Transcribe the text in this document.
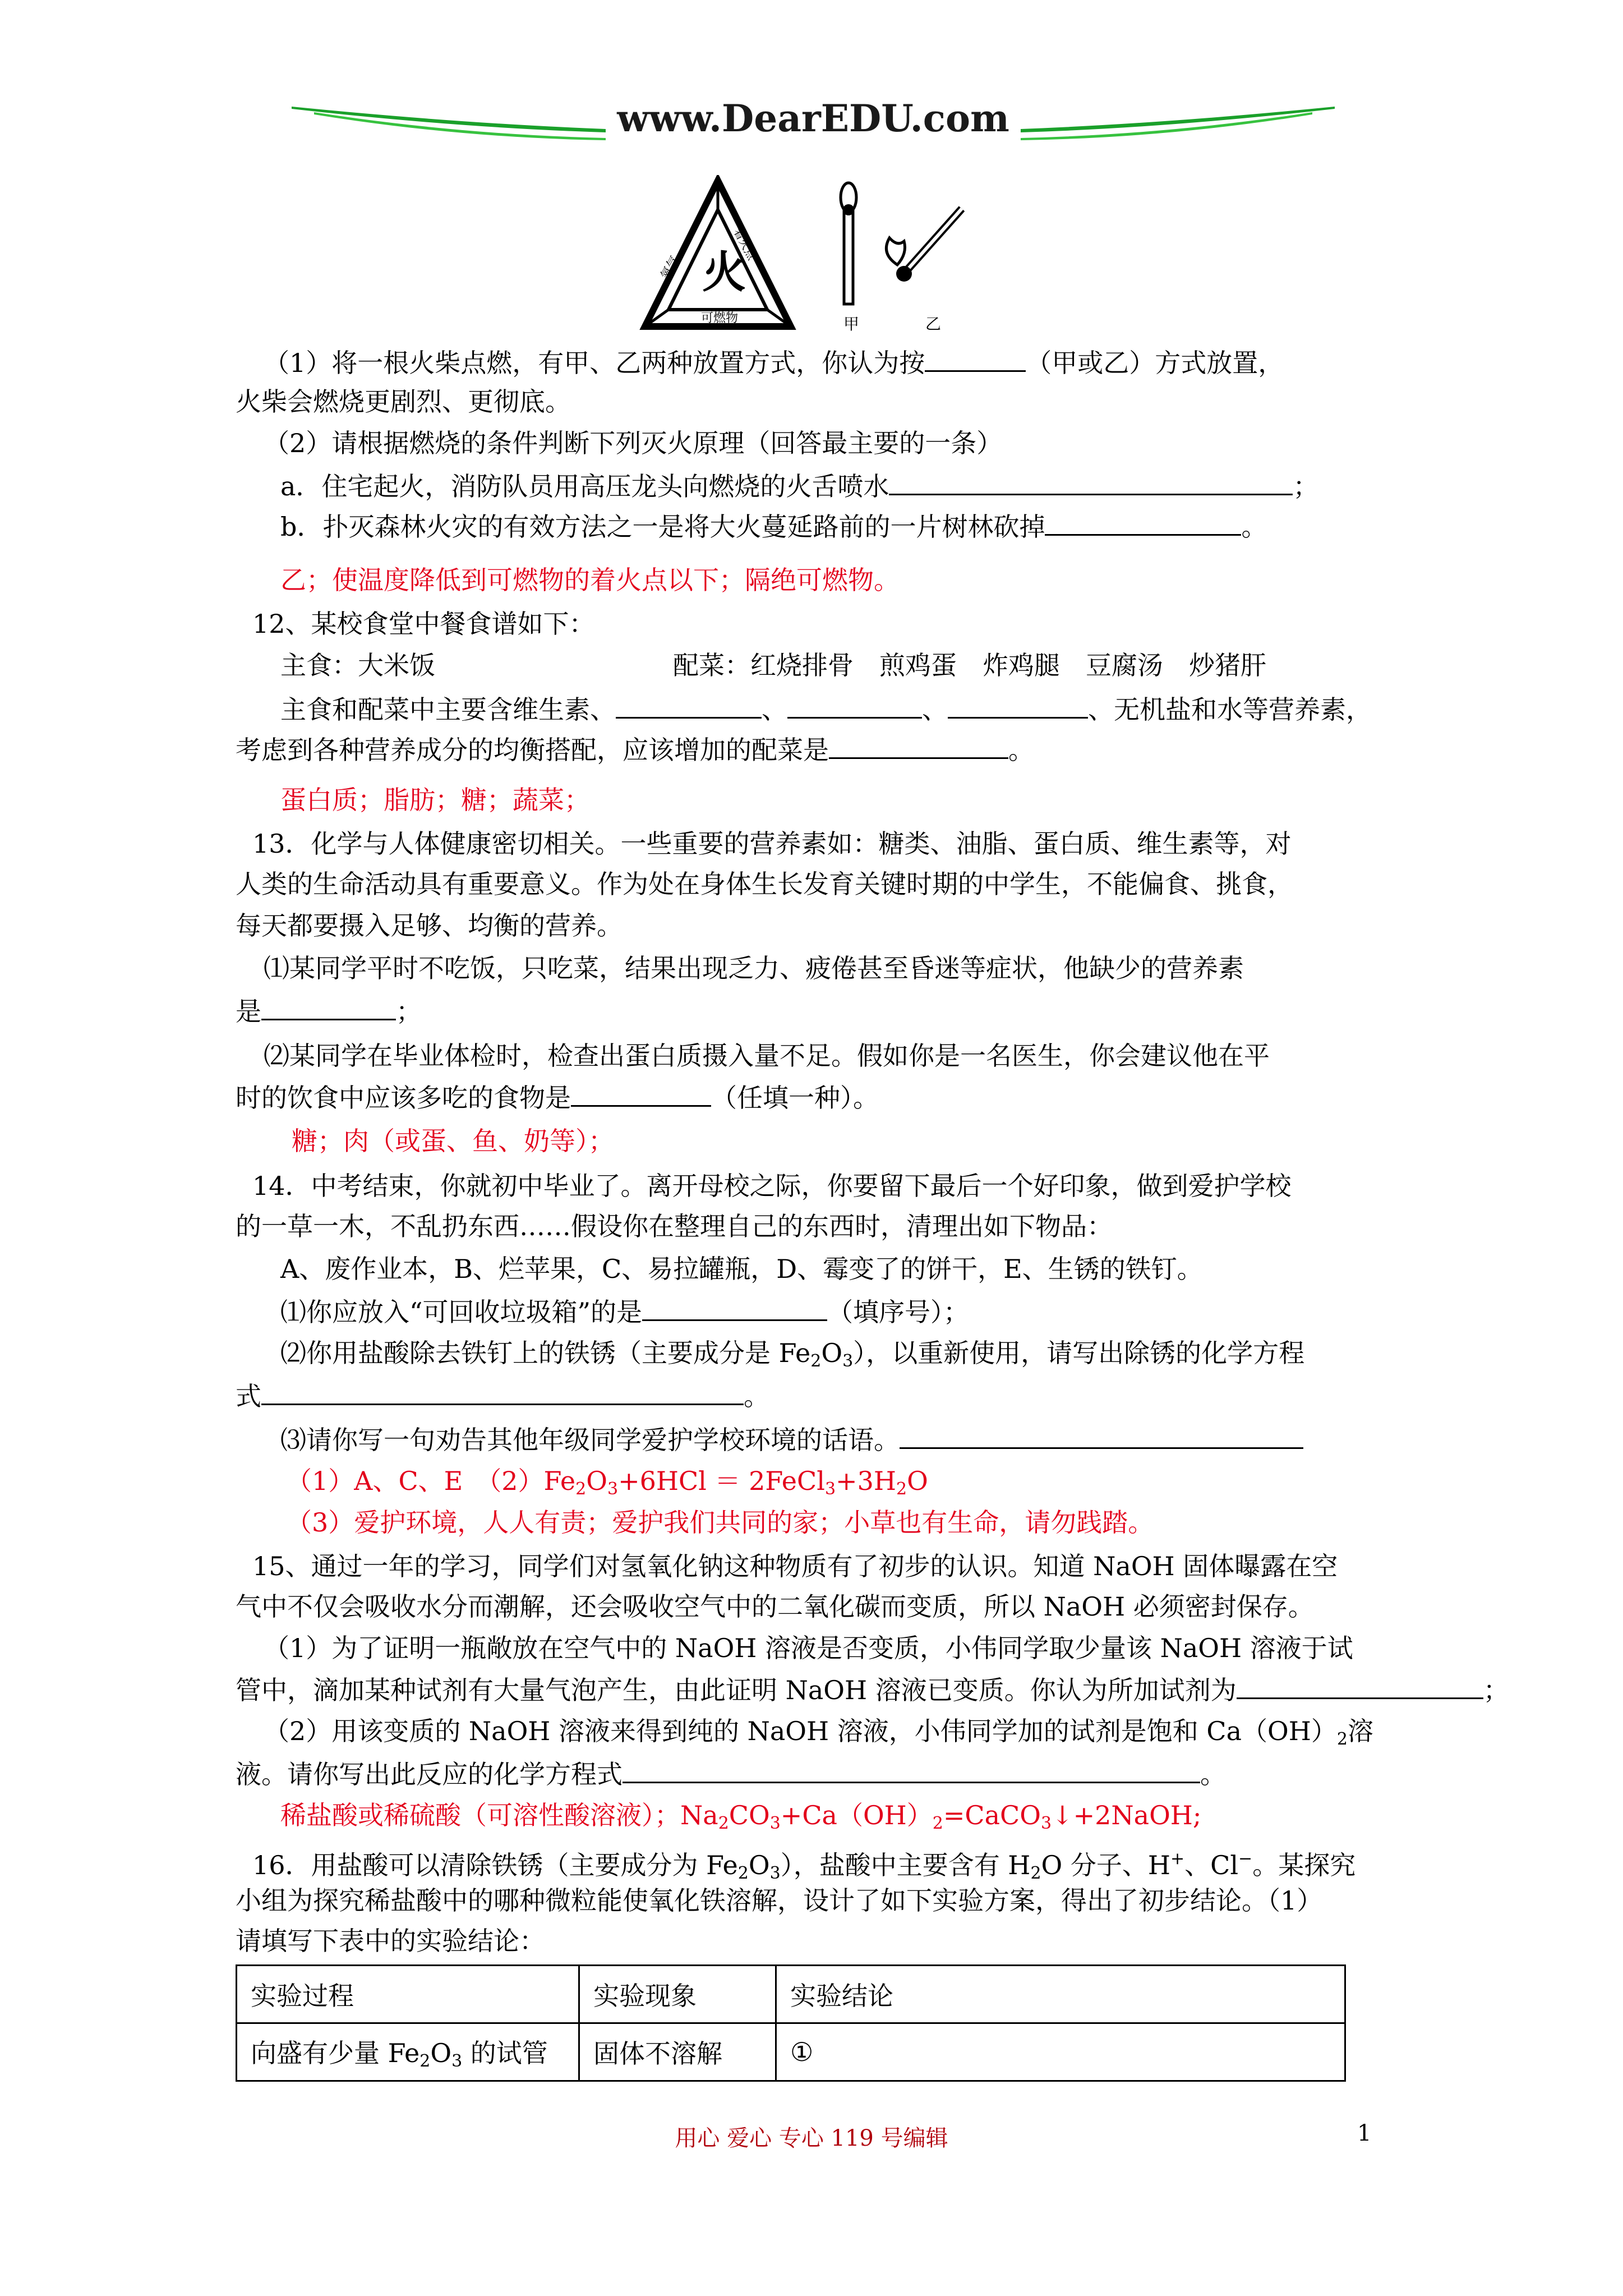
www.DearEDU.com
火
氧气
着火点
可燃物	甲	乙
（1）将一根火柴点燃，有甲、乙两种放置方式，你认为按	（甲或乙）方式放置，
火柴会燃烧更剧烈、更彻底。
（2）请根据燃烧的条件判断下列灭火原理（回答最主要的一条）
a．住宅起火，消防队员用高压龙头向燃烧的火舌喷水	；
b．扑灭森林火灾的有效方法之一是将大火蔓延路前的一片树林砍掉	。
乙；使温度降低到可燃物的着火点以下；隔绝可燃物。
12、某校食堂中餐食谱如下：
主食：大米饭	配菜：红烧排骨　煎鸡蛋　炸鸡腿　豆腐汤　炒猪肝
主食和配菜中主要含维生素、	、	、	、无机盐和水等营养素，
考虑到各种营养成分的均衡搭配，应该增加的配菜是	。
蛋白质；脂肪；糖；蔬菜；
13．化学与人体健康密切相关。一些重要的营养素如：糖类、油脂、蛋白质、维生素等，对
人类的生命活动具有重要意义。作为处在身体生长发育关键时期的中学生，不能偏食、挑食，
每天都要摄入足够、均衡的营养。
⑴某同学平时不吃饭，只吃菜，结果出现乏力、疲倦甚至昏迷等症状，他缺少的营养素
是	；
⑵某同学在毕业体检时，检查出蛋白质摄入量不足。假如你是一名医生，你会建议他在平
时的饮食中应该多吃的食物是	（任填一种）。
糖；肉（或蛋、鱼、奶等）；
14．中考结束，你就初中毕业了。离开母校之际，你要留下最后一个好印象，做到爱护学校
的一草一木，不乱扔东西……假设你在整理自己的东西时，清理出如下物品：
A、废作业本，B、烂苹果，C、易拉罐瓶，D、霉变了的饼干，E、生锈的铁钉。
⑴你应放入“可回收垃圾箱”的是	（填序号）；
⑵你用盐酸除去铁钉上的铁锈（主要成分是 $Fe_2O_3$），以重新使用，请写出除锈的化学方程
式	。
⑶请你写一句劝告其他年级同学爱护学校环境的话语。
（1）A、C、E　$(2)Fe_2O_3+6HCl$ ＝ $2FeCl_3+3H_2O$
（3）爱护环境，人人有责；爱护我们共同的家；小草也有生命，请勿践踏。
15、通过一年的学习，同学们对氢氧化钠这种物质有了初步的认识。知道 NaOH 固体曝露在空
气中不仅会吸收水分而潮解，还会吸收空气中的二氧化碳而变质，所以 NaOH 必须密封保存。
（1）为了证明一瓶敞放在空气中的 NaOH 溶液是否变质，小伟同学取少量该 NaOH 溶液于试
管中，滴加某种试剂有大量气泡产生，由此证明 NaOH 溶液已变质。你认为所加试剂为	；
（2）用该变质的 NaOH 溶液来得到纯的 NaOH 溶液，小伟同学加的试剂是饱和 $Ca(OH)_2$溶
液。请你写出此反应的化学方程式	。
稀盐酸或稀硫酸（可溶性酸溶液）；$Na_2CO_3+Ca(OH)_2=CaCO_3↓+2NaOH$;
16．用盐酸可以清除铁锈（主要成分为 $Fe_2O_3$），盐酸中主要含有 $H_2O$ 分子、H+、Cl−。某探究
小组为探究稀盐酸中的哪种微粒能使氧化铁溶解，设计了如下实验方案，得出了初步结论。（1）
请填写下表中的实验结论：
实验过程	实验现象	实验结论
向盛有少量 $Fe_2O_3$ 的试管	固体不溶解	①
用心 爱心 专心 119 号编辑	1
